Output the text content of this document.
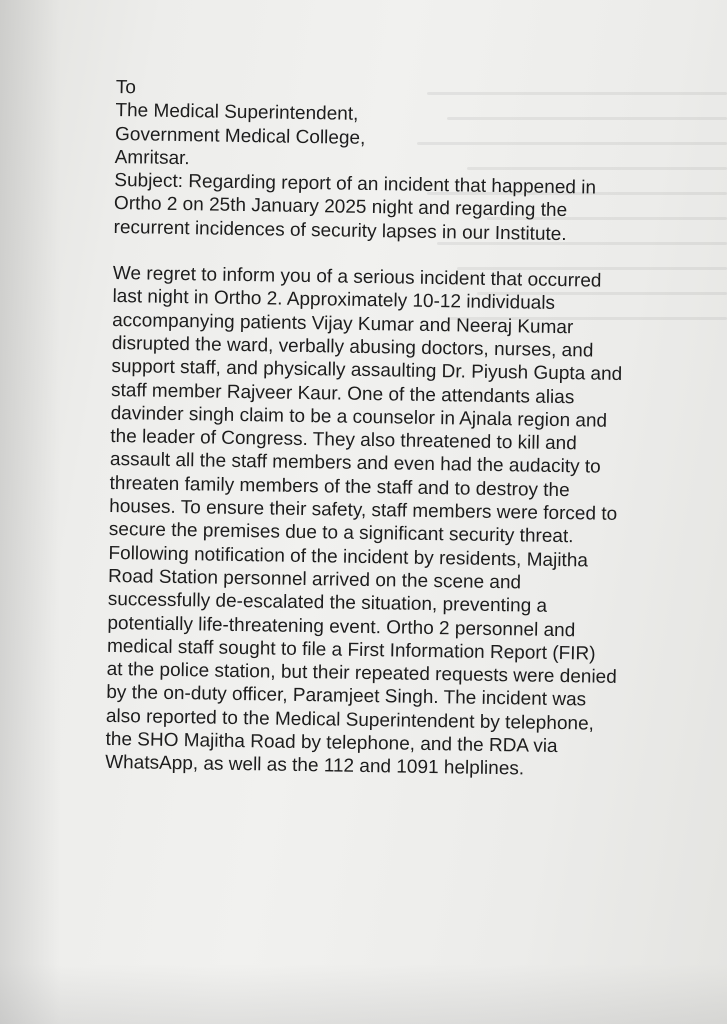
To
The Medical Superintendent,
Government Medical College,
Amritsar.
Subject: Regarding report of an incident that happened in
Ortho 2 on 25th January 2025 night and regarding the
recurrent incidences of security lapses in our Institute.
We regret to inform you of a serious incident that occurred
last night in Ortho 2. Approximately 10-12 individuals
accompanying patients Vijay Kumar and Neeraj Kumar
disrupted the ward, verbally abusing doctors, nurses, and
support staff, and physically assaulting Dr. Piyush Gupta and
staff member Rajveer Kaur. One of the attendants alias
davinder singh claim to be a counselor in Ajnala region and
the leader of Congress. They also threatened to kill and
assault all the staff members and even had the audacity to
threaten family members of the staff and to destroy the
houses. To ensure their safety, staff members were forced to
secure the premises due to a significant security threat.
Following notification of the incident by residents, Majitha
Road Station personnel arrived on the scene and
successfully de-escalated the situation, preventing a
potentially life-threatening event. Ortho 2 personnel and
medical staff sought to file a First Information Report (FIR)
at the police station, but their repeated requests were denied
by the on-duty officer, Paramjeet Singh. The incident was
also reported to the Medical Superintendent by telephone,
the SHO Majitha Road by telephone, and the RDA via
WhatsApp, as well as the 112 and 1091 helplines.
